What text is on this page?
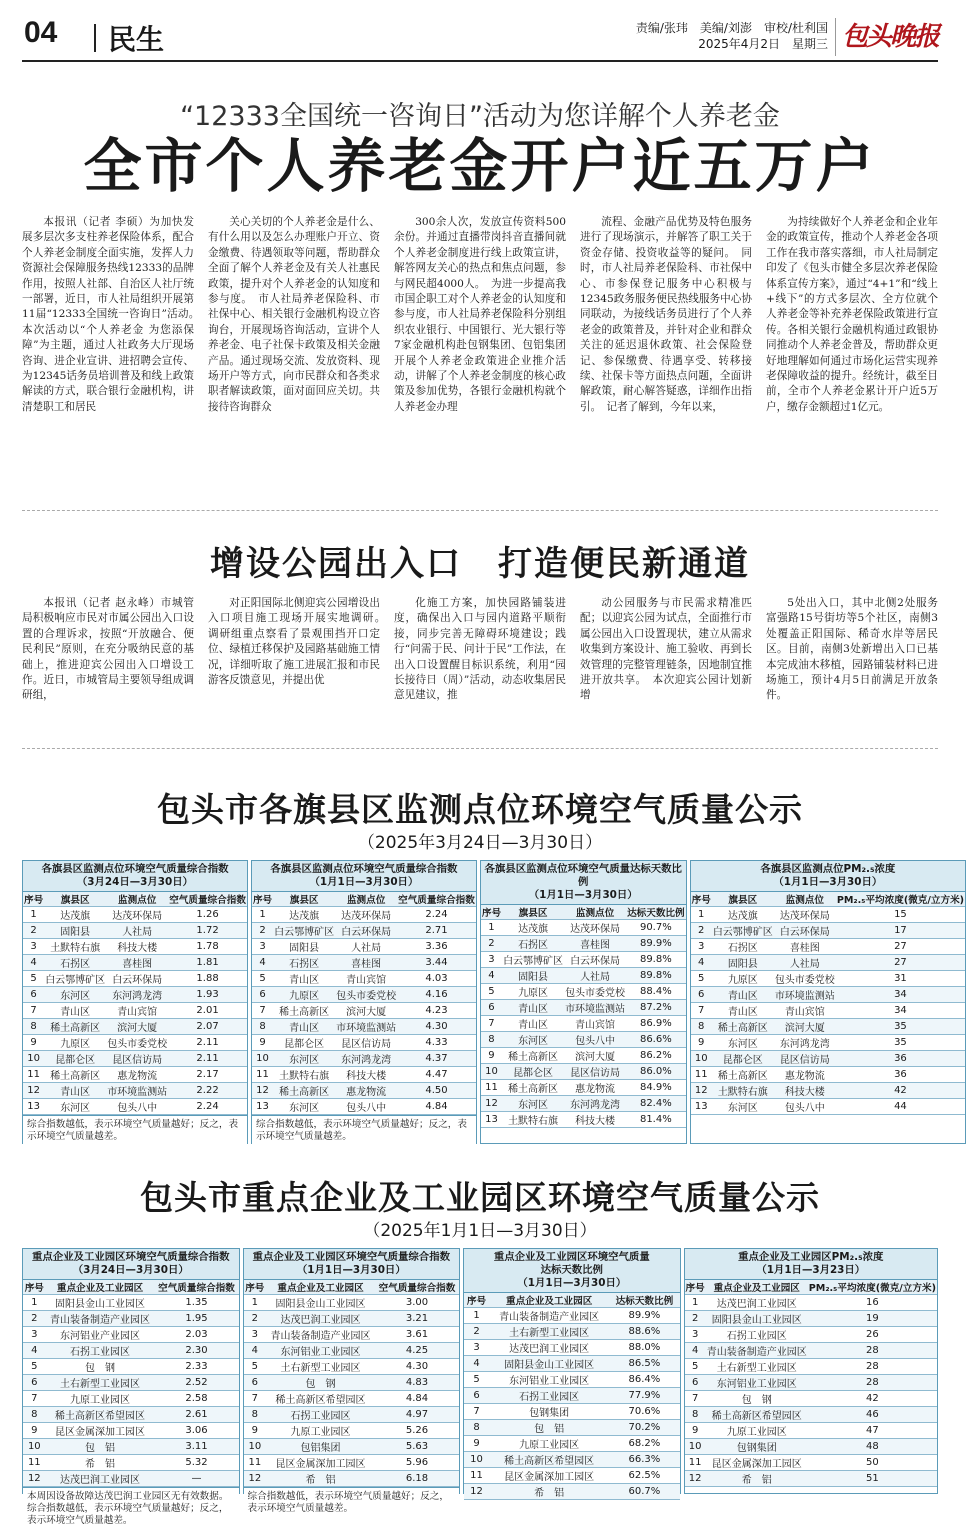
04 民生	责编/张玮　美编/刘澎　审校/杜利国
2025年4月2日　星期三 包头晚报
“12333全国统一咨询日”活动为您详解个人养老金
全市个人养老金开户近五万户
本报讯（记者 李硕）为加快发展多层次多支柱养老保险体系，配合个人养老金制度全面实施，发挥人力资源社会保障服务热线12333的品牌作用，按照人社部、自治区人社厅统一部署，近日，市人社局组织开展第11届“12333全国统一咨询日”活动。　本次活动以“个人养老金 为您添保障”为主题，通过人社政务大厅现场咨询、进企业宣讲、进招聘会宣传、为12345话务员培训普及和线上政策解读的方式，联合银行金融机构，讲清楚职工和居民
关心关切的个人养老金是什么、有什么用以及怎么办理账户开立、资金缴费、待遇领取等问题，帮助群众全面了解个人养老金及有关人社惠民政策，提升对个人养老金的认知度和参与度。　市人社局养老保险科、市社保中心、相关银行金融机构设立咨询台，开展现场咨询活动，宣讲个人养老金、电子社保卡政策及相关金融产品。通过现场交流、发放资料、现场开户等方式，向市民群众和各类求职者解读政策，面对面回应关切。共接待咨询群众
300余人次，发放宣传资料500余份。并通过直播带岗抖音直播间就个人养老金制度进行线上政策宣讲，解答网友关心的热点和焦点问题，参与网民超4000人。　为进一步提高我市国企职工对个人养老金的认知度和参与度，市人社局养老保险科分别组织农业银行、中国银行、光大银行等7家金融机构赴包钢集团、包铝集团开展个人养老金政策进企业推介活动，讲解了个人养老金制度的核心政策及参加优势，各银行金融机构就个人养老金办理
流程、金融产品优势及特色服务进行了现场演示，并解答了职工关于资金存储、投资收益等的疑问。　同时，市人社局养老保险科、市社保中心、市参保登记服务中心积极与12345政务服务便民热线服务中心协同联动，为接线话务员进行了个人养老金的政策普及，并针对企业和群众关注的延迟退休政策、社会保险登记、参保缴费、待遇享受、转移接续、社保卡等方面热点问题，全面讲解政策，耐心解答疑惑，详细作出指引。　记者了解到，今年以来，
为持续做好个人养老金和企业年金的政策宣传，推动个人养老金各项工作在我市落实落细，市人社局制定印发了《包头市健全多层次养老保险体系宣传方案》，通过“4+1”和“线上+线下”的方式多层次、全方位就个人养老金等补充养老保险政策进行宣传。各相关银行金融机构通过政银协同推动个人养老金普及，帮助群众更好地理解如何通过市场化运营实现养老保障收益的提升。经统计，截至目前，全市个人养老金累计开户近5万户，缴存金额超过1亿元。
增设公园出入口　打造便民新通道
本报讯（记者 赵永峰）市城管局积极响应市民对市属公园出入口设置的合理诉求，按照“开放融合、便民利民”原则，在充分吸纳民意的基础上，推进迎宾公园出入口增设工作。近日，市城管局主要领导组成调研组，
对正阳国际北侧迎宾公园增设出入口项目施工现场开展实地调研。　调研组重点察看了景观围挡开口定位、绿植迁移保护及园路基础施工情况，详细听取了施工进展汇报和市民游客反馈意见，并提出优
化施工方案，加快园路铺装进度，确保出入口与园内道路平顺衔接，同步完善无障碍环境建设；践行“问需于民、问计于民”工作法，在出入口设置醒目标识系统，利用“园长接待日（周）”活动，动态收集居民意见建议，推
动公园服务与市民需求精准匹配；以迎宾公园为试点，全面推行市属公园出入口设置现状，建立从需求收集到方案设计、施工验收、再到长效管理的完整管理链条，因地制宜推进开放共享。　本次迎宾公园计划新增
5处出入口，其中北侧2处服务富强路15号街坊等5个社区，南侧3处覆盖正阳国际、稀奇水岸等居民区。目前，南侧3处新增出入口已基本完成油木移植，园路铺装材料已进场施工，预计4月5日前满足开放条件。
包头市各旗县区监测点位环境空气质量公示
（2025年3月24日—3月30日）
各旗县区监测点位环境空气质量综合指数
（3月24日—3月30日）
序号	旗县区	监测点位	空气质量综合指数
1	达茂旗	达茂环保局	1.26
2	固阳县	人社局	1.72
3	土默特右旗	科技大楼	1.78
4	石拐区	喜桂图	1.81
5	白云鄂博矿区	白云环保局	1.88
6	东河区	东河鸿龙湾	1.93
7	青山区	青山宾馆	2.01
8	稀土高新区	滨河大厦	2.07
9	九原区	包头市委党校	2.11
10	昆都仑区	昆区信访局	2.11
11	稀土高新区	惠龙物流	2.17
12	青山区	市环境监测站	2.22
13	东河区	包头八中	2.24
综合指数越低，表示环境空气质量越好；反之，表示环境空气质量越差。
各旗县区监测点位环境空气质量综合指数
（1月1日—3月30日）
序号	旗县区	监测点位	空气质量综合指数
1	达茂旗	达茂环保局	2.24
2	白云鄂博矿区	白云环保局	2.71
3	固阳县	人社局	3.36
4	石拐区	喜桂图	3.44
5	青山区	青山宾馆	4.03
6	九原区	包头市委党校	4.16
7	稀土高新区	滨河大厦	4.23
8	青山区	市环境监测站	4.30
9	昆都仑区	昆区信访局	4.33
10	东河区	东河鸿龙湾	4.37
11	土默特右旗	科技大楼	4.47
12	稀土高新区	惠龙物流	4.50
13	东河区	包头八中	4.84
综合指数越低，表示环境空气质量越好；反之，表示环境空气质量越差。
各旗县区监测点位环境空气质量达标天数比例
（1月1日—3月30日）
序号	旗县区	监测点位	达标天数比例
1	达茂旗	达茂环保局	90.7%
2	石拐区	喜桂图	89.9%
3	白云鄂博矿区	白云环保局	89.8%
4	固阳县	人社局	89.8%
5	九原区	包头市委党校	88.4%
6	青山区	市环境监测站	87.2%
7	青山区	青山宾馆	86.9%
8	东河区	包头八中	86.6%
9	稀土高新区	滨河大厦	86.2%
10	昆都仑区	昆区信访局	86.0%
11	稀土高新区	惠龙物流	84.9%
12	东河区	东河鸿龙湾	82.4%
13	土默特右旗	科技大楼	81.4%
各旗县区监测点位PM₂.₅浓度
（1月1日—3月30日）
序号	旗县区	监测点位	PM₂.₅平均浓度(微克/立方米)
1	达茂旗	达茂环保局	15
2	白云鄂博矿区	白云环保局	17
3	石拐区	喜桂图	27
4	固阳县	人社局	27
5	九原区	包头市委党校	31
6	青山区	市环境监测站	34
7	青山区	青山宾馆	34
8	稀土高新区	滨河大厦	35
9	东河区	东河鸿龙湾	35
10	昆都仑区	昆区信访局	36
11	稀土高新区	惠龙物流	36
12	土默特右旗	科技大楼	42
13	东河区	包头八中	44
包头市重点企业及工业园区环境空气质量公示
（2025年1月1日—3月30日）
重点企业及工业园区环境空气质量综合指数
（3月24日—3月30日）
序号	重点企业及工业园区	空气质量综合指数
1	固阳县金山工业园区	1.35
2	青山装备制造产业园区	1.95
3	东河铝业产业园区	2.03
4	石拐工业园区	2.30
5	包　钢	2.33
6	土右新型工业园区	2.52
7	九原工业园区	2.58
8	稀土高新区希望园区	2.61
9	昆区金属深加工园区	3.06
10	包　铝	3.11
11	希　铝	5.32
12	达茂巴润工业园区	—
本周因设备故障达茂巴润工业园区无有效数据。综合指数越低，表示环境空气质量越好；反之，表示环境空气质量越差。
重点企业及工业园区环境空气质量综合指数
（1月1日—3月30日）
序号	重点企业及工业园区	空气质量综合指数
1	固阳县金山工业园区	3.00
2	达茂巴润工业园区	3.21
3	青山装备制造产业园区	3.61
4	东河铝业工业园区	4.25
5	土右新型工业园区	4.30
6	包　钢	4.83
7	稀土高新区希望园区	4.84
8	石拐工业园区	4.97
9	九原工业园区	5.26
10	包铝集团	5.63
11	昆区金属深加工园区	5.96
12	希　铝	6.18
综合指数越低，表示环境空气质量越好；反之，表示环境空气质量越差。
重点企业及工业园区环境空气质量
达标天数比例
（1月1日—3月30日）
序号	重点企业及工业园区	达标天数比例
1	青山装备制造产业园区	89.9%
2	土右新型工业园区	88.6%
3	达茂巴润工业园区	88.0%
4	固阳县金山工业园区	86.5%
5	东河铝业工业园区	86.4%
6	石拐工业园区	77.9%
7	包钢集团	70.6%
8	包　铝	70.2%
9	九原工业园区	68.2%
10	稀土高新区希望园区	66.3%
11	昆区金属深加工园区	62.5%
12	希　铝	60.7%
重点企业及工业园区PM₂.₅浓度
（1月1日—3月23日）
序号	重点企业及工业园区	PM₂.₅平均浓度(微克/立方米)
1	达茂巴润工业园区	16
2	固阳县金山工业园区	19
3	石拐工业园区	26
4	青山装备制造产业园区	28
5	土右新型工业园区	28
6	东河铝业工业园区	28
7	包　钢	42
8	稀土高新区希望园区	46
9	九原工业园区	47
10	包钢集团	48
11	昆区金属深加工园区	50
12	希　铝	51
